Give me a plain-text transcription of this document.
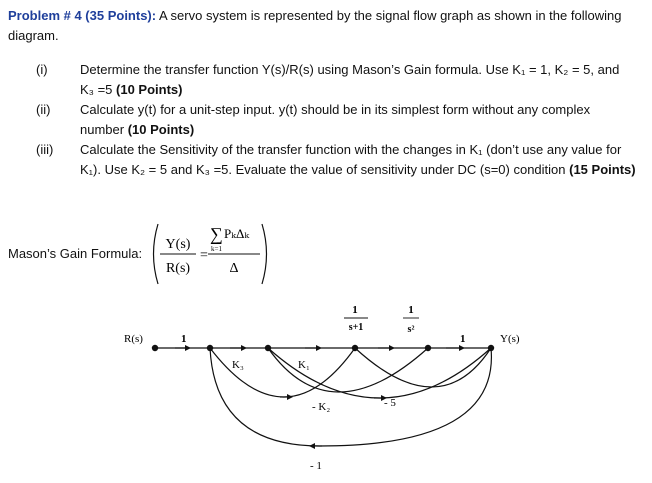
Problem # 4 (35 Points): A servo system is represented by the signal flow graph as shown in the following diagram.
(i)	Determine the transfer function Y(s)/R(s) using Mason’s Gain formula. Use K₁ = 1, K₂ = 5, and K₃ =5 (10 Points)
(ii)	Calculate y(t) for a unit-step input. y(t) should be in its simplest form without any complex number (10 Points)
(iii)	Calculate the Sensitivity of the transfer function with the changes in K₁ (don’t use any value for K₁). Use K₂ = 5 and K₃ =5. Evaluate the value of sensitivity under DC (s=0) condition (15 Points)
Mason’s Gain Formula:
Y(s)
R(s)
=
∑ PₖΔₖ
k=1
Δ
R(s)	Y(s)
1	1
1
s+1
1
s²
K₃	K₁
- K₂	- 5
- 1
